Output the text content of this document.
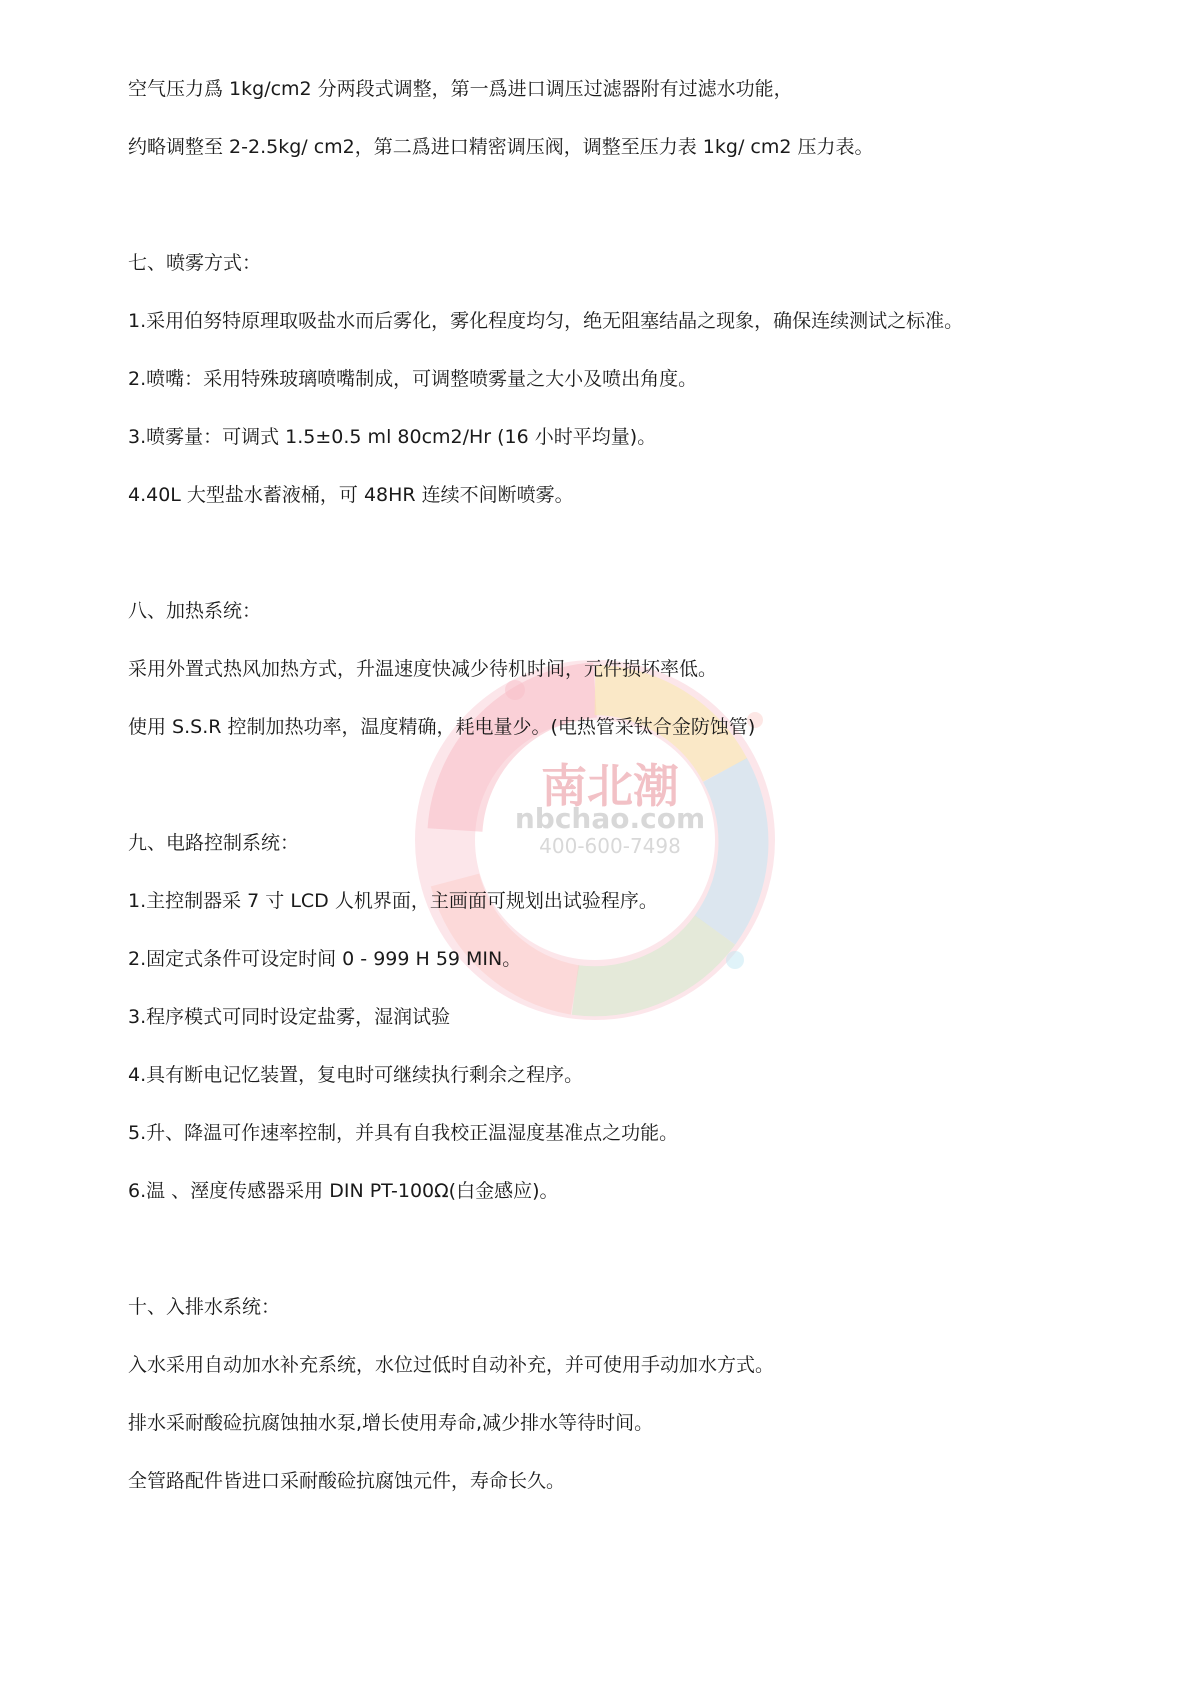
南北潮
nbchao.com
400-600-7498
空气压力爲 1kg/cm2 分两段式调整，第一爲进口调压过滤器附有过滤水功能，
约略调整至 2-2.5kg/ cm2，第二爲进口精密调压阀，调整至压力表 1kg/ cm2 压力表。
七、喷雾方式：
1.采用伯努特原理取吸盐水而后雾化，雾化程度均匀，绝无阻塞结晶之现象，确保连续测试之标准。
2.喷嘴：采用特殊玻璃喷嘴制成，可调整喷雾量之大小及喷出角度。
3.喷雾量：可调式 1.5±0.5 ml 80cm2/Hr (16 小时平均量)。
4.40L 大型盐水蓄液桶，可 48HR 连续不间断喷雾。
八、加热系统：
采用外置式热风加热方式，升温速度快减少待机时间，元件损坏率低。
使用 S.S.R 控制加热功率，温度精确，耗电量少。(电热管采钛合金防蚀管)
九、电路控制系统：
1.主控制器采 7 寸 LCD 人机界面，主画面可规划出试验程序。
2.固定式条件可设定时间 0 - 999 H 59 MIN。
3.程序模式可同时设定盐雾，湿润试验
4.具有断电记忆装置，复电时可继续执行剩余之程序。
5.升、降温可作速率控制，并具有自我校正温湿度基准点之功能。
6.温 、溼度传感器采用 DIN PT-100Ω(白金感应)。
十、入排水系统：
入水采用自动加水补充系统，水位过低时自动补充，并可使用手动加水方式。
排水采耐酸硷抗腐蚀抽水泵,增长使用寿命,减少排水等待时间。
全管路配件皆进口采耐酸硷抗腐蚀元件，寿命长久。
